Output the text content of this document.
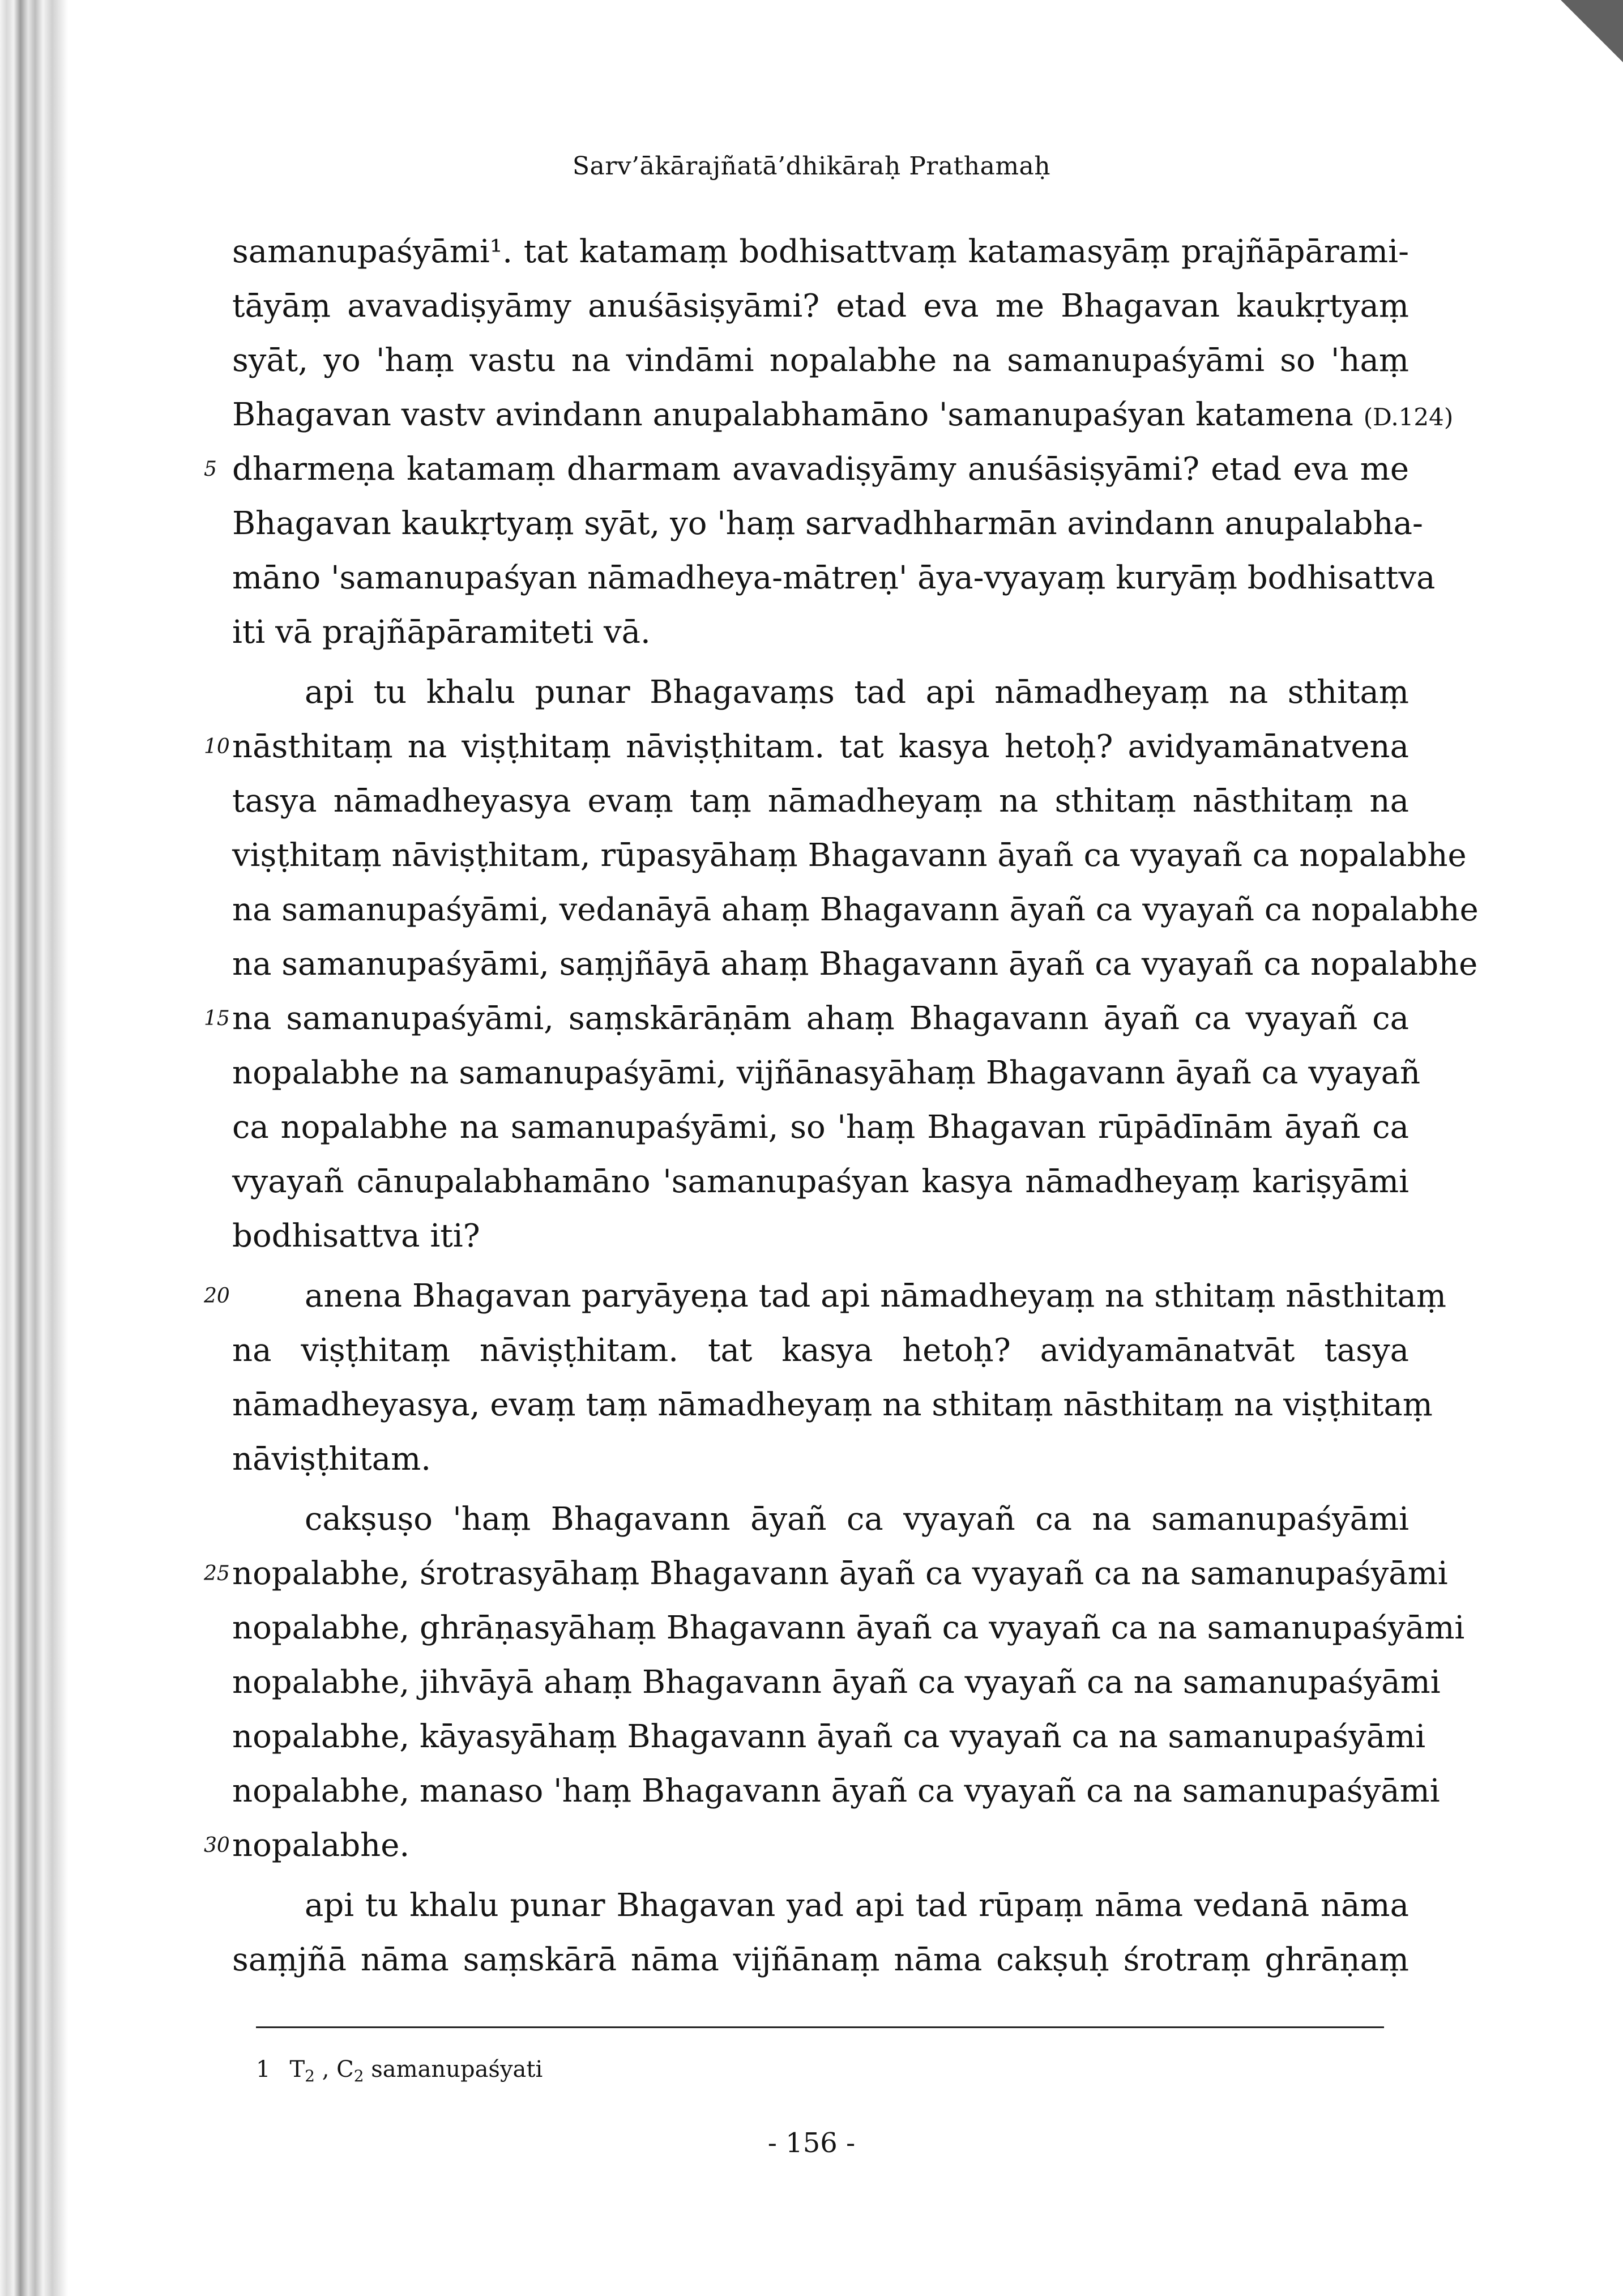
Sarv’ākārajñatā’dhikāraḥ Prathamaḥ
samanupaśyāmi¹. tat katamaṃ bodhisattvaṃ katamasyāṃ prajñāpārami-
tāyāṃ avavadiṣyāmy anuśāsiṣyāmi? etad eva me Bhagavan kaukṛtyaṃ
syāt, yo 'haṃ vastu na vindāmi nopalabhe na samanupaśyāmi so 'haṃ
Bhagavan vastv avindann anupalabhamāno 'samanupaśyan katamena (D.124)
dharmeṇa katamaṃ dharmam avavadiṣyāmy anuśāsiṣyāmi? etad eva me
Bhagavan kaukṛtyaṃ syāt, yo 'haṃ sarvadhharmān avindann anupalabha-
māno 'samanupaśyan nāmadheya-mātreṇ' āya-vyayaṃ kuryāṃ bodhisattva
iti vā prajñāpāramiteti vā.
api tu khalu punar Bhagavaṃs tad api nāmadheyaṃ na sthitaṃ
nāsthitaṃ na viṣṭhitaṃ nāviṣṭhitam. tat kasya hetoḥ? avidyamānatvena
tasya nāmadheyasya evaṃ taṃ nāmadheyaṃ na sthitaṃ nāsthitaṃ na
viṣṭhitaṃ nāviṣṭhitam, rūpasyāhaṃ Bhagavann āyañ ca vyayañ ca nopalabhe
na samanupaśyāmi, vedanāyā ahaṃ Bhagavann āyañ ca vyayañ ca nopalabhe
na samanupaśyāmi, saṃjñāyā ahaṃ Bhagavann āyañ ca vyayañ ca nopalabhe
na samanupaśyāmi, saṃskārāṇām ahaṃ Bhagavann āyañ ca vyayañ ca
nopalabhe na samanupaśyāmi, vijñānasyāhaṃ Bhagavann āyañ ca vyayañ
ca nopalabhe na samanupaśyāmi, so 'haṃ Bhagavan rūpādīnām āyañ ca
vyayañ cānupalabhamāno 'samanupaśyan kasya nāmadheyaṃ kariṣyāmi
bodhisattva iti?
anena Bhagavan paryāyeṇa tad api nāmadheyaṃ na sthitaṃ nāsthitaṃ
na viṣṭhitaṃ nāviṣṭhitam. tat kasya hetoḥ? avidyamānatvāt tasya
nāmadheyasya, evaṃ taṃ nāmadheyaṃ na sthitaṃ nāsthitaṃ na viṣṭhitaṃ
nāviṣṭhitam.
cakṣuṣo 'haṃ Bhagavann āyañ ca vyayañ ca na samanupaśyāmi
nopalabhe, śrotrasyāhaṃ Bhagavann āyañ ca vyayañ ca na samanupaśyāmi
nopalabhe, ghrāṇasyāhaṃ Bhagavann āyañ ca vyayañ ca na samanupaśyāmi
nopalabhe, jihvāyā ahaṃ Bhagavann āyañ ca vyayañ ca na samanupaśyāmi
nopalabhe, kāyasyāhaṃ Bhagavann āyañ ca vyayañ ca na samanupaśyāmi
nopalabhe, manaso 'haṃ Bhagavann āyañ ca vyayañ ca na samanupaśyāmi
nopalabhe.
api tu khalu punar Bhagavan yad api tad rūpaṃ nāma vedanā nāma
saṃjñā nāma saṃskārā nāma vijñānaṃ nāma cakṣuḥ śrotraṃ ghrāṇaṃ
5
10
15
20
25
30
1 $T_2$ , $C_2$ samanupaśyati
- 156 -
